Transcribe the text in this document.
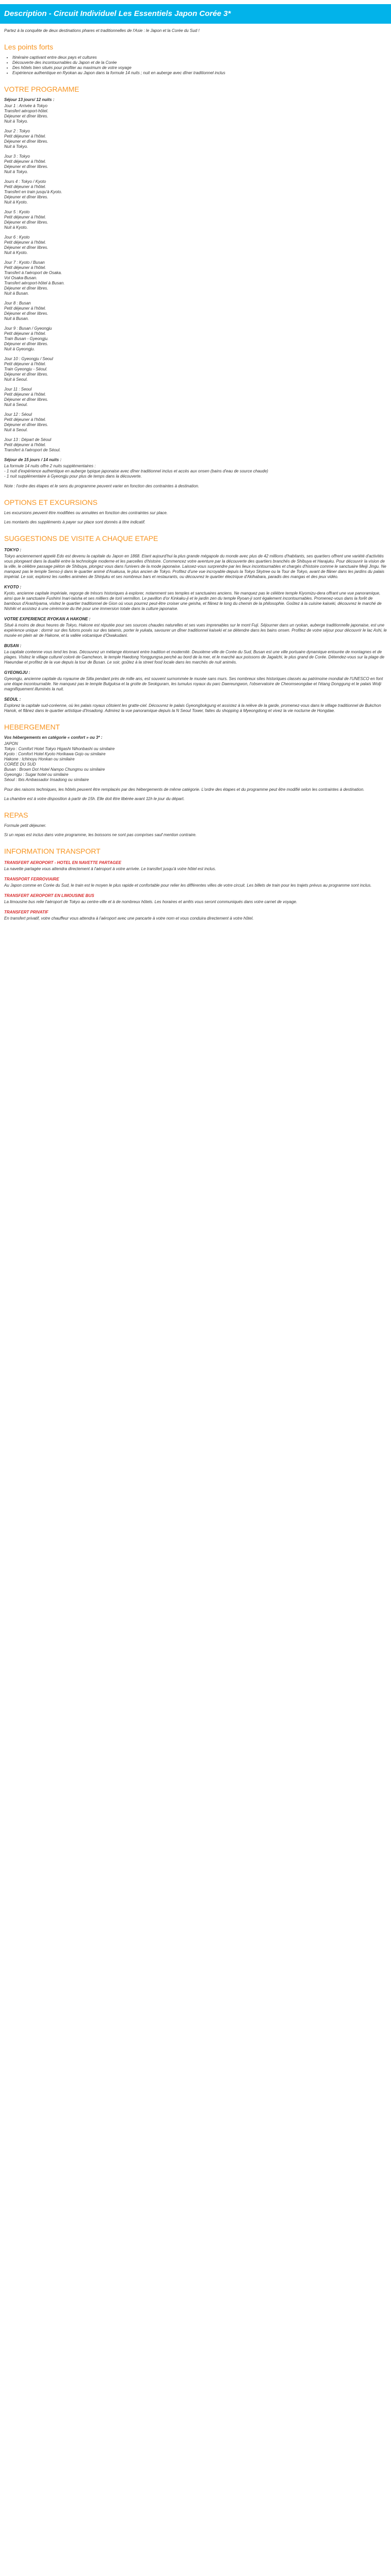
Description - Circuit Individuel Les Essentiels Japon Corée 3*

Partez à la conquête de deux destinations phares et traditionnelles de l'Asie : le Japon et la Corée du Sud !

Les points forts
• Itinéraire captivant entre deux pays et cultures
• Découverte des incontournables du Japon et de la Corée
• Des hôtels bien situés pour profiter au maximum de votre voyage
• Expérience authentique en Ryokan au Japon dans la formule 14 nuits ; nuit en auberge avec dîner traditionnel inclus
VOTRE PROGRAMME
Séjour 13 jours/ 12 nuits :
Jour 1 : Arrivée à Tokyo
Transfert aéroport-hôtel.
Déjeuner et dîner libres.
Nuit à Tokyo.
Jour 2 : Tokyo
Petit déjeuner à l'hôtel.
Déjeuner et dîner libres.
Nuit à Tokyo.
Jour 3 : Tokyo
Petit déjeuner à l'hôtel.
Déjeuner et dîner libres.
Nuit à Tokyo.
Jours 4 : Tokyo / Kyoto
Petit déjeuner à l'hôtel.
Transfert en train jusqu'à Kyoto.
Déjeuner et dîner libres.
Nuit à Kyoto.
Jour 5 : Kyoto
Petit déjeuner à l'hôtel.
Déjeuner et dîner libres.
Nuit à Kyoto.
Jour 6 : Kyoto
Petit déjeuner à l'hôtel.
Déjeuner et dîner libres.
Nuit à Kyoto.
Jour 7 : Kyoto / Busan
Petit déjeuner à l'hôtel.
Transfert à l'aéroport de Osaka.
Vol Osaka-Busan.
Transfert aéroport-hôtel à Busan.
Déjeuner et dîner libres.
Nuit à Busan.
Jour 8 : Busan
Petit déjeuner à l'hôtel.
Déjeuner et dîner libres.
Nuit à Busan.
Jour 9 : Busan / Gyeongju
Petit déjeuner à l'hôtel.
Train Busan - Gyeongju.
Déjeuner et dîner libres.
Nuit à Gyeongju.
Jour 10 : Gyeongju / Seoul
Petit déjeuner à l'hôtel.
Train Gyeongju - Séoul.
Déjeuner et dîner libres.
Nuit à Seoul.
Jour 11 : Seoul
Petit déjeuner à l'hôtel.
Déjeuner et dîner libres.
Nuit à Seoul.
Jour 12 : Séoul
Petit déjeuner à l'hôtel.
Déjeuner et dîner libres.
Nuit à Seoul.
Jour 13 : Départ de Séoul
Petit déjeuner à l'hôtel.
Transfert à l'aéroport de Séoul.
Séjour de 15 jours / 14 nuits :
La formule 14 nuits offre 2 nuits supplémentaires :
- 1 nuit d'expérience authentique en auberge typique japonaise avec dîner traditionnel inclus et accès aux onsen (bains d'eau de source chaude)
- 1 nuit supplémentaire à Gyeongju pour plus de temps dans la découverte.

Note : l'ordre des étapes et le sens du programme peuvent varier en fonction des contraintes à destination.

OPTIONS ET EXCURSIONS

Les excursions peuvent être modifiées ou annulées en fonction des contraintes sur place.

Les montants des suppléments à payer sur place sont donnés à titre indicatif.

SUGGESTIONS DE VISITE A CHAQUE ETAPE
TOKYO :

Tokyo anciennement appelé Edo est devenu la capitale du Japon en 1868. Etant aujourd'hui la plus grande mégapole du monde avec plus de 42 millions d'habitants, ses quartiers offrent une variété d'activités vous plongeant dans la dualité entre la technologie moderne et les parcelles d'histoire. Commencez votre aventure par la découverte des quartiers branchés de Shibuya et Harajuku. Pour découvrir la vision de la ville, le célèbre passage piéton de Shibuya, plongez vous dans l'univers de la mode japonaise. Laissez-vous surprendre par les lieux incontournables et chargés d'histoire comme le sanctuaire Meiji Jingu. Ne manquez pas le temple Senso-ji dans le quartier animé d'Asakusa, le plus ancien de Tokyo. Profitez d'une vue incroyable depuis la Tokyo Skytree ou la Tour de Tokyo, avant de flâner dans les jardins du palais impérial. Le soir, explorez les ruelles animées de Shinjuku et ses nombreux bars et restaurants, ou découvrez le quartier électrique d'Akihabara, paradis des mangas et des jeux vidéo.

KYOTO :

Kyoto, ancienne capitale impériale, regorge de trésors historiques à explorer, notamment ses temples et sanctuaires anciens. Ne manquez pas le célèbre temple Kiyomizu-dera offrant une vue panoramique, ainsi que le sanctuaire Fushimi Inari-taisha et ses milliers de torii vermillon. Le pavillon d'or Kinkaku-ji et le jardin zen du temple Ryoan-ji sont également incontournables. Promenez-vous dans la forêt de bambous d'Arashiyama, visitez le quartier traditionnel de Gion où vous pourrez peut-être croiser une geisha, et flânez le long du chemin de la philosophie. Goûtez à la cuisine kaiseki, découvrez le marché de Nishiki et assistez à une cérémonie du thé pour une immersion totale dans la culture japonaise.

VOTRE EXPERIENCE RYOKAN A HAKONE :

Situé à moins de deux heures de Tokyo, Hakone est réputée pour ses sources chaudes naturelles et ses vues imprenables sur le mont Fuji. Séjourner dans un ryokan, auberge traditionnelle japonaise, est une expérience unique : dormir sur des futons posés sur des tatamis, porter le yukata, savourer un dîner traditionnel kaiseki et se détendre dans les bains onsen. Profitez de votre séjour pour découvrir le lac Ashi, le musée en plein air de Hakone, et la vallée volcanique d'Owakudani.

BUSAN :

La capitale coréenne vous tend les bras. Découvrez un mélange étonnant entre tradition et modernité. Deuxième ville de Corée du Sud, Busan est une ville portuaire dynamique entourée de montagnes et de plages. Visitez le village culturel coloré de Gamcheon, le temple Haedong Yonggungsa perché au bord de la mer, et le marché aux poissons de Jagalchi, le plus grand de Corée. Détendez-vous sur la plage de Haeundae et profitez de la vue depuis la tour de Busan. Le soir, goûtez à la street food locale dans les marchés de nuit animés.

GYEONGJU :

Gyeongju, ancienne capitale du royaume de Silla pendant près de mille ans, est souvent surnommée le musée sans murs. Ses nombreux sites historiques classés au patrimoine mondial de l'UNESCO en font une étape incontournable. Ne manquez pas le temple Bulguksa et la grotte de Seokguram, les tumulus royaux du parc Daereungwon, l'observatoire de Cheomseongdae et l'étang Donggung et le palais Wolji magnifiquement illuminés la nuit.

SEOUL :

Explorez la capitale sud-coréenne, où les palais royaux côtoient les gratte-ciel. Découvrez le palais Gyeongbokgung et assistez à la relève de la garde, promenez-vous dans le village traditionnel de Bukchon Hanok, et flânez dans le quartier artistique d'Insadong. Admirez la vue panoramique depuis la N Seoul Tower, faites du shopping à Myeongdong et vivez la vie nocturne de Hongdae.

HEBERGEMENT
Vos hébergements en catégorie « confort » ou 3* :
JAPON
Tokyo : Comfort Hotel Tokyo Higashi Nihonbashi ou similaire
Kyoto : Comfort Hotel Kyoto Horikawa Gojo ou similaire
Hakone : Ichinoyu Honkan ou similaire
CORÉE DU SUD
Busan : Brown Dot Hotel Nampo Chungmu ou similaire
Gyeongju : Sugar hotel ou similaire
Séoul : Ibis Ambassador Insadong ou similaire

Pour des raisons techniques, les hôtels peuvent être remplacés par des hébergements de même catégorie. L'ordre des étapes et du programme peut être modifié selon les contraintes à destination.

La chambre est à votre disposition à partir de 15h. Elle doit être libérée avant 11h le jour du départ.

REPAS

Formule petit déjeuner.

Si un repas est inclus dans votre programme, les boissons ne sont pas comprises sauf mention contraire.

INFORMATION TRANSPORT
TRANSFERT AEROPORT - HOTEL EN NAVETTE PARTAGEE

La navette partagée vous attendra directement à l'aéroport à votre arrivée. Le transfert jusqu'à votre hôtel est inclus.

TRANSPORT FERROVIAIRE

Au Japon comme en Corée du Sud, le train est le moyen le plus rapide et confortable pour relier les différentes villes de votre circuit. Les billets de train pour les trajets prévus au programme sont inclus.

TRANSFERT AEROPORT EN LIMOUSINE BUS

La limousine bus relie l'aéroport de Tokyo au centre-ville et à de nombreux hôtels. Les horaires et arrêts vous seront communiqués dans votre carnet de voyage.

TRANSFERT PRIVATIF

En transfert privatif, votre chauffeur vous attendra à l'aéroport avec une pancarte à votre nom et vous conduira directement à votre hôtel.
